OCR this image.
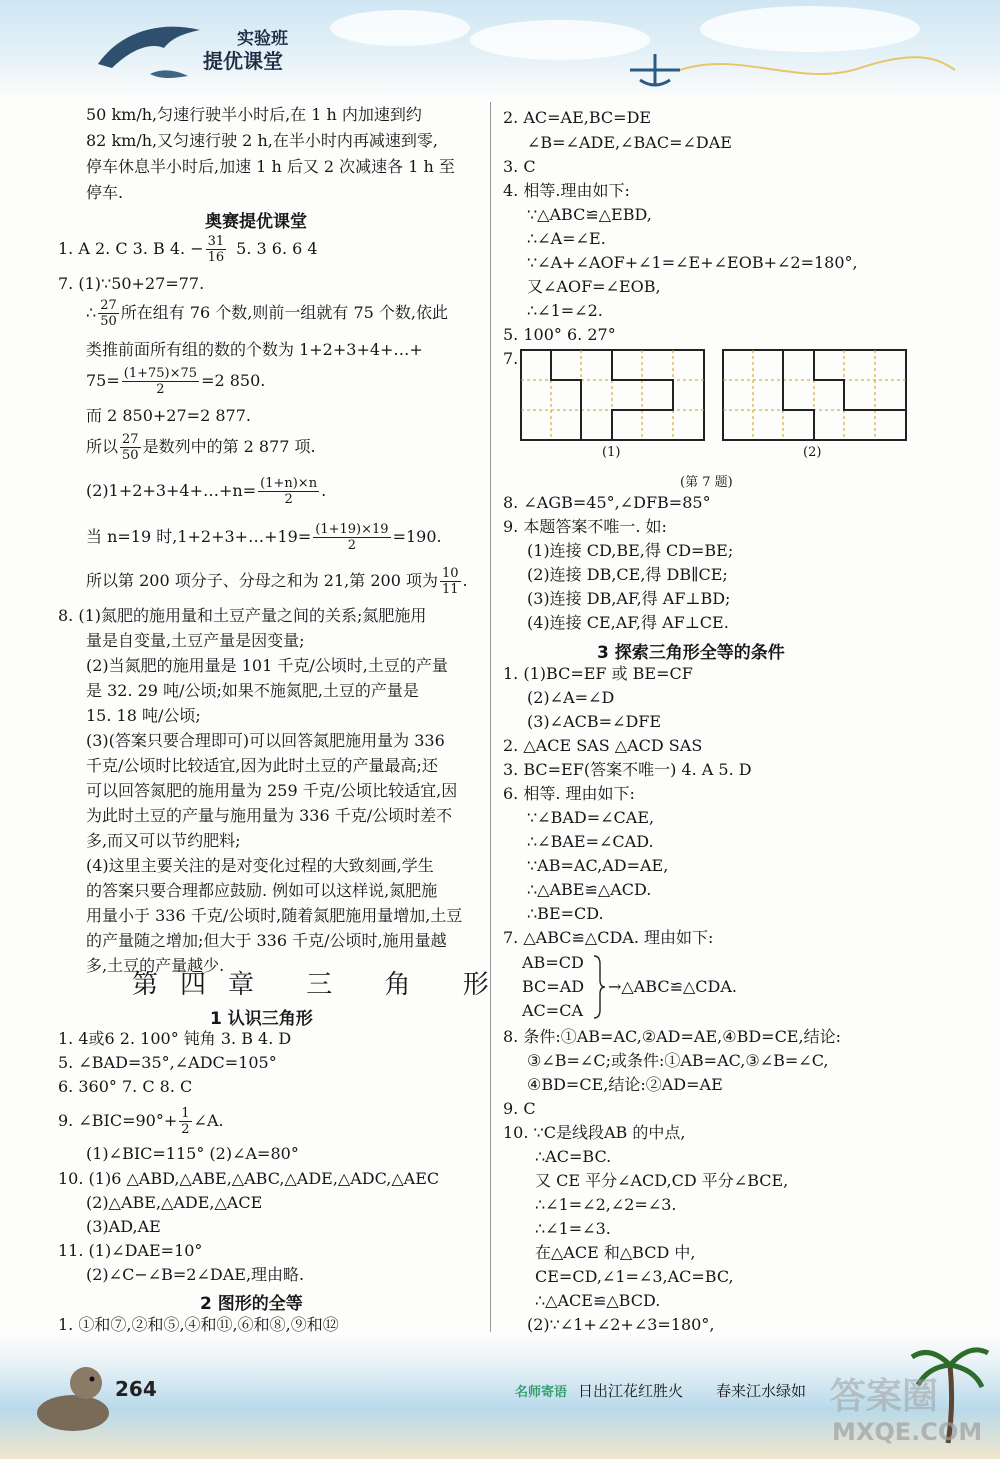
实验班
提优课堂
50 km/h,匀速行驶半小时后,在 1 h 内加速到约
82 km/h,又匀速行驶 2 h,在半小时内再减速到零,
停车休息半小时后,加速 1 h 后又 2 次减速各 1 h 至
停车.
奥赛提优课堂
1. A 2. C 3. B 4. − $\frac{31}{16} 5$. 3 6. 6 4
7. (1)∵50+27=77.
∴ $\frac{27}{50}$ 所在组有 76 个数,则前一组就有 75 个数,依此
类推前面所有组的数的个数为 1+2+3+4+…+
$75= \frac{(1+75)\times 75}{2} =2$ 850.
而 2 850+27=2 877.
所以 $\frac{27}{50}$ 是数列中的第 2 877 项.
(2)1+2+3+4+…+n= $\frac{(1+n)\times n}{2}$ .
当 n=19 时,1+2+3+…+19= $\frac{(1+19)\times 19}{2} =190$.
所以第 200 项分子、分母之和为 21,第 200 项为 $\frac{10}{11}$ .
8. (1)氮肥的施用量和土豆产量之间的关系;氮肥施用
量是自变量,土豆产量是因变量;
(2)当氮肥的施用量是 101 千克/公顷时,土豆的产量
是 32. 29 吨/公顷;如果不施氮肥,土豆的产量是
15. 18 吨/公顷;
(3)(答案只要合理即可)可以回答氮肥施用量为 336
千克/公顷时比较适宜,因为此时土豆的产量最高;还
可以回答氮肥的施用量为 259 千克/公顷比较适宜,因
为此时土豆的产量与施用量为 336 千克/公顷时差不
多,而又可以节约肥料;
(4)这里主要关注的是对变化过程的大致刻画,学生
的答案只要合理都应鼓励. 例如可以这样说,氮肥施
用量小于 336 千克/公顷时,随着氮肥施用量增加,土豆
的产量随之增加;但大于 336 千克/公顷时,施用量越
多,土豆的产量越少.
第四章 三 角 形
1 认识三角形
1. 4或6 2. 100° 钝角 3. B 4. D
5. ∠BAD=35°,∠ADC=105°
6. 360° 7. C 8. C
9. ∠BIC=90°+ $\frac{1}{2}$ ∠A.
(1)∠BIC=115° (2)∠A=80°
10. (1)6 △ABD,△ABE,△ABC,△ADE,△ADC,△AEC
(2)△ABE,△ADE,△ACE
(3)AD,AE
11. (1)∠DAE=10°
(2)∠C−∠B=2∠DAE,理由略.
2 图形的全等
1. ①和⑦,②和⑤,④和⑪,⑥和⑧,⑨和⑫
2. AC=AE,BC=DE
∠B=∠ADE,∠BAC=∠DAE
3. C
4. 相等.理由如下:
∵△ABC≌△EBD,
∴∠A=∠E.
∵∠A+∠AOF+∠1=∠E+∠EOB+∠2=180°,
又∠AOF=∠EOB,
∴∠1=∠2.
5. 100° 6. 27°
7.
(1)	(2)
(第 7 题)
8. ∠AGB=45°,∠DFB=85°
9. 本题答案不唯一. 如:
(1)连接 CD,BE,得 CD=BE;
(2)连接 DB,CE,得 DB∥CE;
(3)连接 DB,AF,得 AF⊥BD;
(4)连接 CE,AF,得 AF⊥CE.
3 探索三角形全等的条件
1. (1)BC=EF 或 BE=CF
(2)∠A=∠D
(3)∠ACB=∠DFE
2. △ACE SAS △ACD SAS
3. BC=EF(答案不唯一) 4. A 5. D
6. 相等. 理由如下:
∵∠BAD=∠CAE,
∴∠BAE=∠CAD.
∵AB=AC,AD=AE,
∴△ABE≌△ACD.
∴BE=CD.
7. △ABC≌△CDA. 理由如下:
AB=CD
BC=AD
AC=CA
→△ABC≌△CDA.
8. 条件:①AB=AC,②AD=AE,④BD=CE,结论:
③∠B=∠C;或条件:①AB=AC,③∠B=∠C,
④BD=CE,结论:②AD=AE
9. C
10. ∵C是线段AB 的中点,
∴AC=BC.
又 CE 平分∠ACD,CD 平分∠BCE,
∴∠1=∠2,∠2=∠3.
∴∠1=∠3.
在△ACE 和△BCD 中,
CE=CD,∠1=∠3,AC=BC,
∴△ACE≌△BCD.
(2)∵∠1+∠2+∠3=180°,
264	名师寄语 日出江花红胜火 春来江水绿如 答案圈
MXQE.COM
